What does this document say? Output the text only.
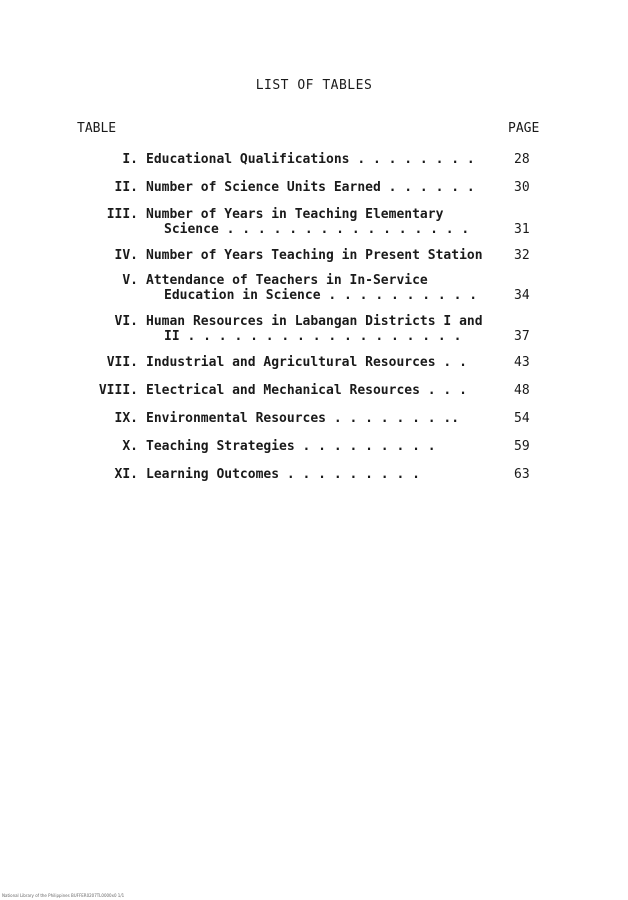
LIST OF TABLES
TABLE	PAGE
I. Educational Qualifications . . . . . . . .	28
II. Number of Science Units Earned . . . . . .	30
III. Number of Years in Teaching Elementary
Science . . . . . . . . . . . . . . . .	31
IV. Number of Years Teaching in Present Station 32
V. Attendance of Teachers in In-Service
Education in Science . . . . . . . . . .	34
VI. Human Resources in Labangan Districts I and
II . . . . . . . . . . . . . . . . . .	37
VII. Industrial and Agricultural Resources . .	43
VIII. Electrical and Mechanical Resources . . .	48
IX. Environmental Resources . . . . . . . ..	54
X. Teaching Strategies . . . . . . . . .	59
XI. Learning Outcomes . . . . . . . . .	63
National Library of the Philippines BUFFER0207TL0000x0 1/1
